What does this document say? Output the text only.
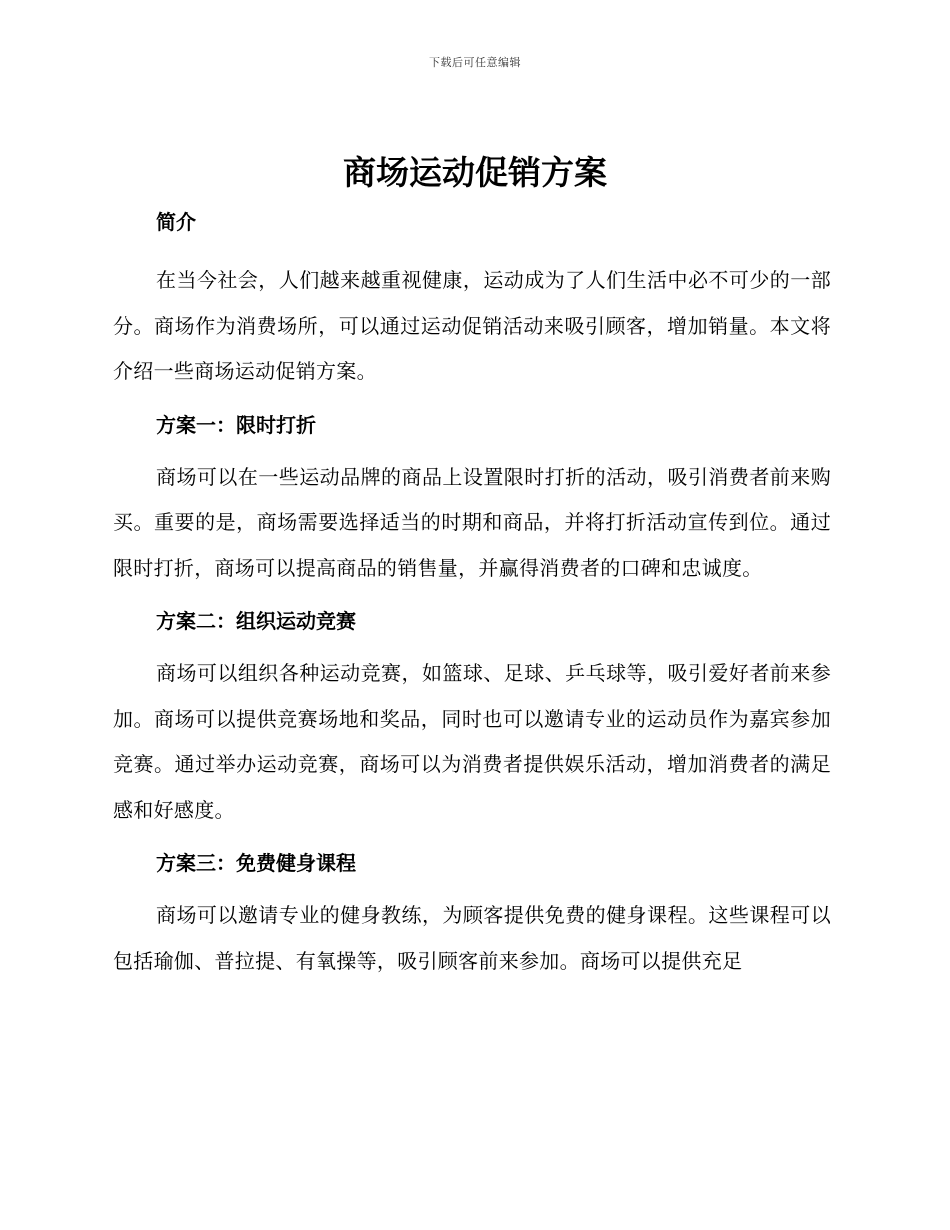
下载后可任意编辑
商场运动促销方案
简介

在当今社会，人们越来越重视健康，运动成为了人们生活中必不可少的一部分。商场作为消费场所，可以通过运动促销活动来吸引顾客，增加销量。本文将介绍一些商场运动促销方案。

方案一：限时打折

商场可以在一些运动品牌的商品上设置限时打折的活动，吸引消费者前来购买。重要的是，商场需要选择适当的时期和商品，并将打折活动宣传到位。通过限时打折，商场可以提高商品的销售量，并赢得消费者的口碑和忠诚度。

方案二：组织运动竞赛

商场可以组织各种运动竞赛，如篮球、足球、乒乓球等，吸引爱好者前来参加。商场可以提供竞赛场地和奖品，同时也可以邀请专业的运动员作为嘉宾参加竞赛。通过举办运动竞赛，商场可以为消费者提供娱乐活动，增加消费者的满足感和好感度。

方案三：免费健身课程

商场可以邀请专业的健身教练，为顾客提供免费的健身课程。这些课程可以包括瑜伽、普拉提、有氧操等，吸引顾客前来参加。商场可以提供充足
